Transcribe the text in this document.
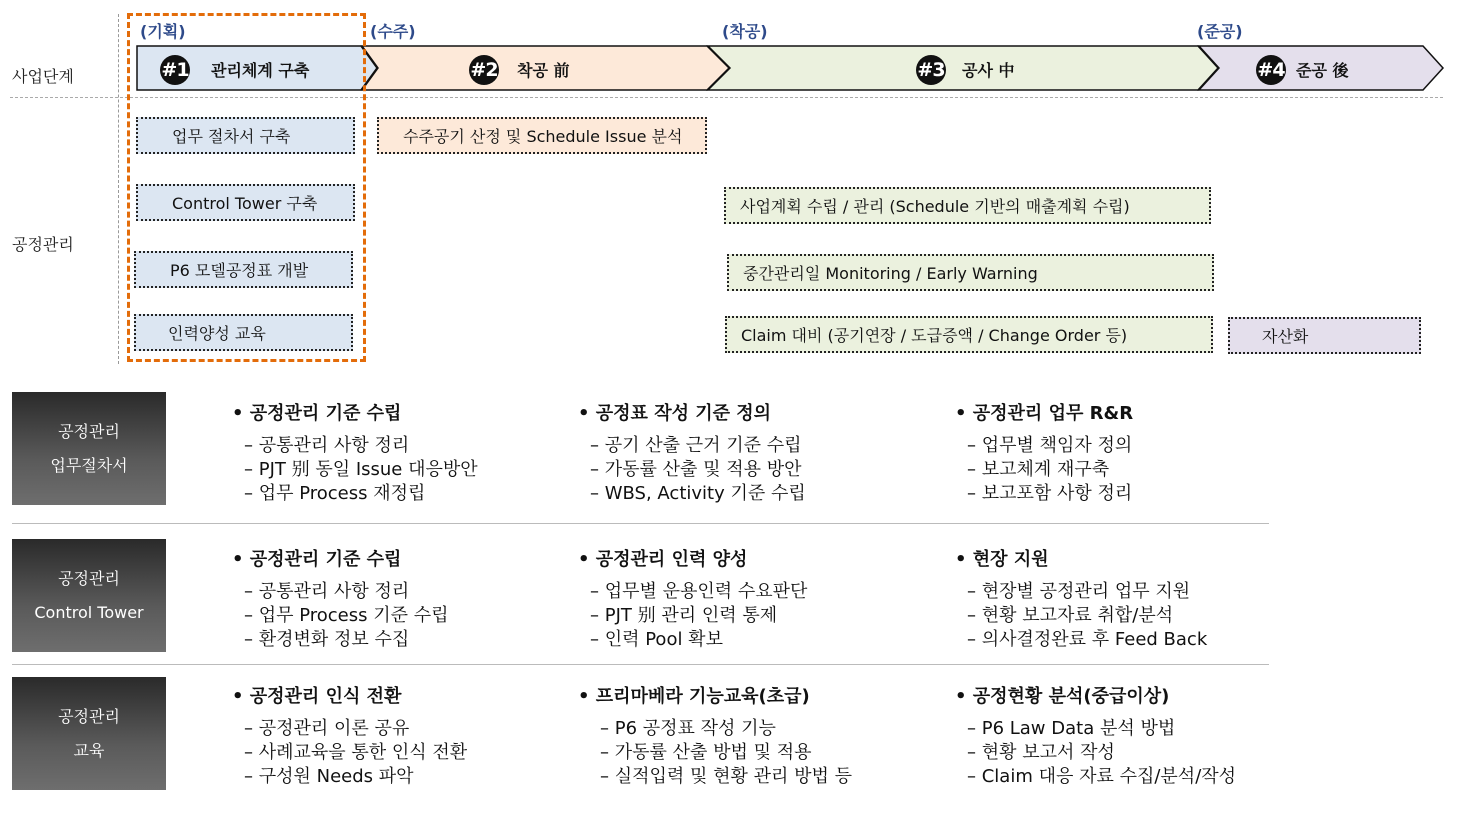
사업단계
공정관리
(기획)	(수주)	(착공)	(준공)
#1 관리체계 구축	#2 착공 前	#3 공사 中	#4 준공 後
업무 절차서 구축
Control Tower 구축
P6 모델공정표 개발
인력양성 교육
수주공기 산정 및 Schedule Issue 분석
사업계획 수립 / 관리 (Schedule 기반의 매출계획 수립)
중간관리일 Monitoring / Early Warning
Claim 대비 (공기연장 / 도급증액 / Change Order 등)	자산화
공정관리
업무절차서
• 공정관리 기준 수립
– 공통관리 사항 정리
– PJT 别 동일 Issue 대응방안
– 업무 Process 재정립
• 공정표 작성 기준 정의
– 공기 산출 근거 기준 수립
– 가동률 산출 및 적용 방안
– WBS, Activity 기준 수립
• 공정관리 업무 R&R
– 업무별 책임자 정의
– 보고체계 재구축
– 보고포함 사항 정리
공정관리
Control Tower
• 공정관리 기준 수립
– 공통관리 사항 정리
– 업무 Process 기준 수립
– 환경변화 정보 수집
• 공정관리 인력 양성
– 업무별 운용인력 수요판단
– PJT 别 관리 인력 통제
– 인력 Pool 확보
• 현장 지원
– 현장별 공정관리 업무 지원
– 현황 보고자료 취합/분석
– 의사결정완료 후 Feed Back
공정관리
교육
• 공정관리 인식 전환
– 공정관리 이론 공유
– 사례교육을 통한 인식 전환
– 구성원 Needs 파악
• 프리마베라 기능교육(초급)
– P6 공정표 작성 기능
– 가동률 산출 방법 및 적용
– 실적입력 및 현황 관리 방법 등
• 공정현황 분석(중급이상)
– P6 Law Data 분석 방법
– 현황 보고서 작성
– Claim 대응 자료 수집/분석/작성
